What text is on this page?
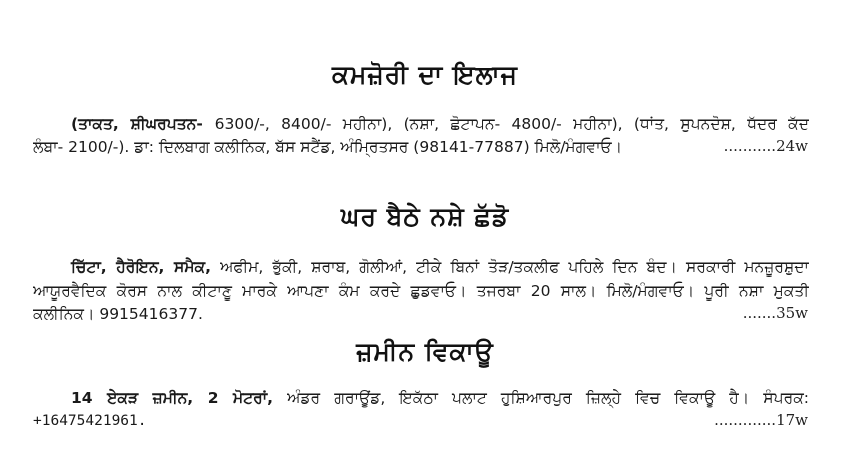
ਕਮਜ਼ੋਰੀ ਦਾ ਇਲਾਜ
(ਤਾਕਤ, ਸ਼ੀਘਰਪਤਨ- 6300/-, 8400/- ਮਹੀਨਾ), (ਨਸ਼ਾ, ਛੋਟਾਪਨ- 4800/- ਮਹੀਨਾ), (ਧਾਂਤ, ਸੁਪਨਦੋਸ਼, ਧੱਦਰ ਕੱਦ
ਲੰਬਾ- 2100/-). ਡਾ: ਦਿਲਬਾਗ ਕਲੀਨਿਕ, ਬੱਸ ਸਟੈਂਡ, ਅੰਮ੍ਰਿਤਸਰ (98141-77887) ਮਿਲੋ/ਮੰਗਵਾਓ।	...........24w
ਘਰ ਬੈਠੇ ਨਸ਼ੇ ਛੱਡੋ
ਚਿੱਟਾ, ਹੈਰੋਇਨ, ਸਮੈਕ, ਅਫੀਮ, ਭੁੱਕੀ, ਸ਼ਰਾਬ, ਗੋਲੀਆਂ, ਟੀਕੇ ਬਿਨਾਂ ਤੋੜ/ਤਕਲੀਫ ਪਹਿਲੇ ਦਿਨ ਬੰਦ। ਸਰਕਾਰੀ ਮਨਜ਼ੂਰਸ਼ੁਦਾ
ਆਯੂਰਵੈਦਿਕ ਕੋਰਸ ਨਾਲ ਕੀਟਾਣੂ ਮਾਰਕੇ ਆਪਣਾ ਕੰਮ ਕਰਦੇ ਛੁਡਵਾਓ। ਤਜਰਬਾ 20 ਸਾਲ। ਮਿਲੋ/ਮੰਗਵਾਓ। ਪੂਰੀ ਨਸ਼ਾ ਮੁਕਤੀ
ਕਲੀਨਿਕ। 9915416377.	.......35w
ਜ਼ਮੀਨ ਵਿਕਾਊ
14 ਏਕੜ ਜ਼ਮੀਨ, 2 ਮੋਟਰਾਂ, ਅੰਡਰ ਗਰਾਊਂਡ, ਇਕੱਠਾ ਪਲਾਟ ਹੁਸ਼ਿਆਰਪੁਰ ਜ਼ਿਲ੍ਹੇ ਵਿਚ ਵਿਕਾਊ ਹੈ। ਸੰਪਰਕ:
+16475421961.	.............17w
